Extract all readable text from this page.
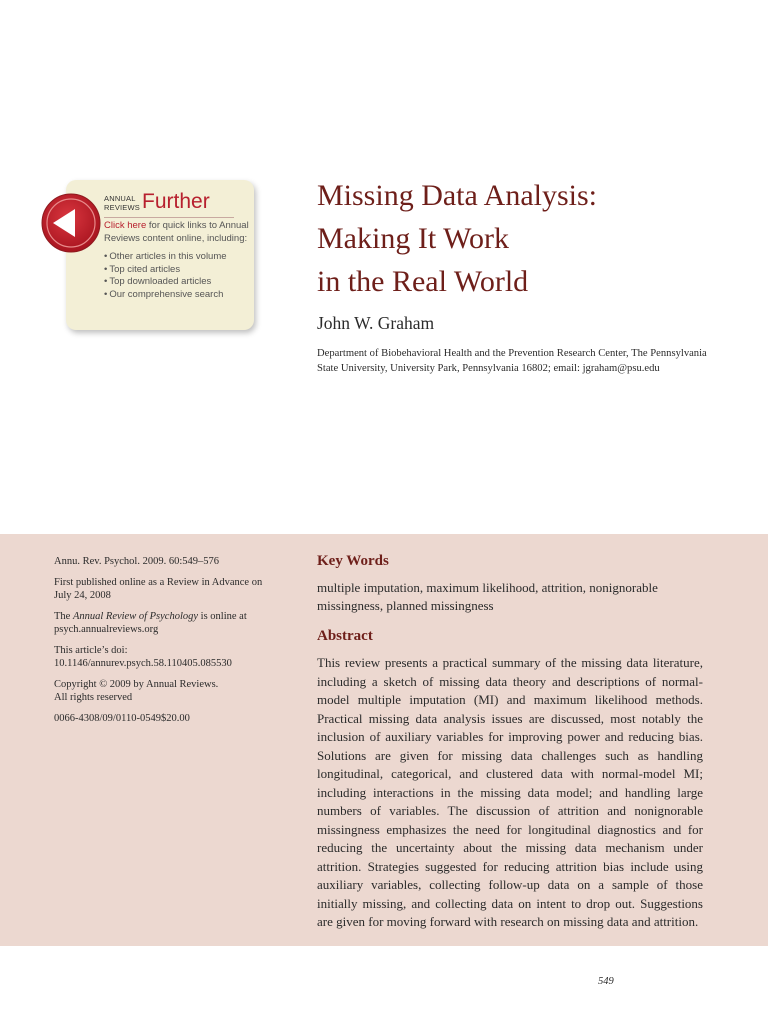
ANNUAL
REVIEWS Further
Click here for quick links to Annual Reviews content online, including:
• Other articles in this volume
• Top cited articles
• Top downloaded articles
• Our comprehensive search
Missing Data Analysis:
Making It Work
in the Real World
John W. Graham
Department of Biobehavioral Health and the Prevention Research Center, The Pennsylvania State University, University Park, Pennsylvania 16802; email: jgraham@psu.edu

Annu. Rev. Psychol. 2009. 60:549–576

First published online as a Review in Advance on July 24, 2008

The Annual Review of Psychology is online at psych.annualreviews.org

This article’s doi:
10.1146/annurev.psych.58.110405.085530

Copyright © 2009 by Annual Reviews.
All rights reserved

0066-4308/09/0110-0549$20.00

Key Words
multiple imputation, maximum likelihood, attrition, nonignorable missingness, planned missingness
Abstract
This review presents a practical summary of the missing data literature, including a sketch of missing data theory and descriptions of normal-model multiple imputation (MI) and maximum likelihood methods. Practical missing data analysis issues are discussed, most notably the inclusion of auxiliary variables for improving power and reducing bias. Solutions are given for missing data challenges such as handling longitudinal, categorical, and clustered data with normal-model MI; including interactions in the missing data model; and handling large numbers of variables. The discussion of attrition and nonignorable missingness emphasizes the need for longitudinal diagnostics and for reducing the uncertainty about the missing data mechanism under attrition. Strategies suggested for reducing attrition bias include using auxiliary variables, collecting follow-up data on a sample of those initially missing, and collecting data on intent to drop out. Suggestions are given for moving forward with research on missing data and attrition.
549
